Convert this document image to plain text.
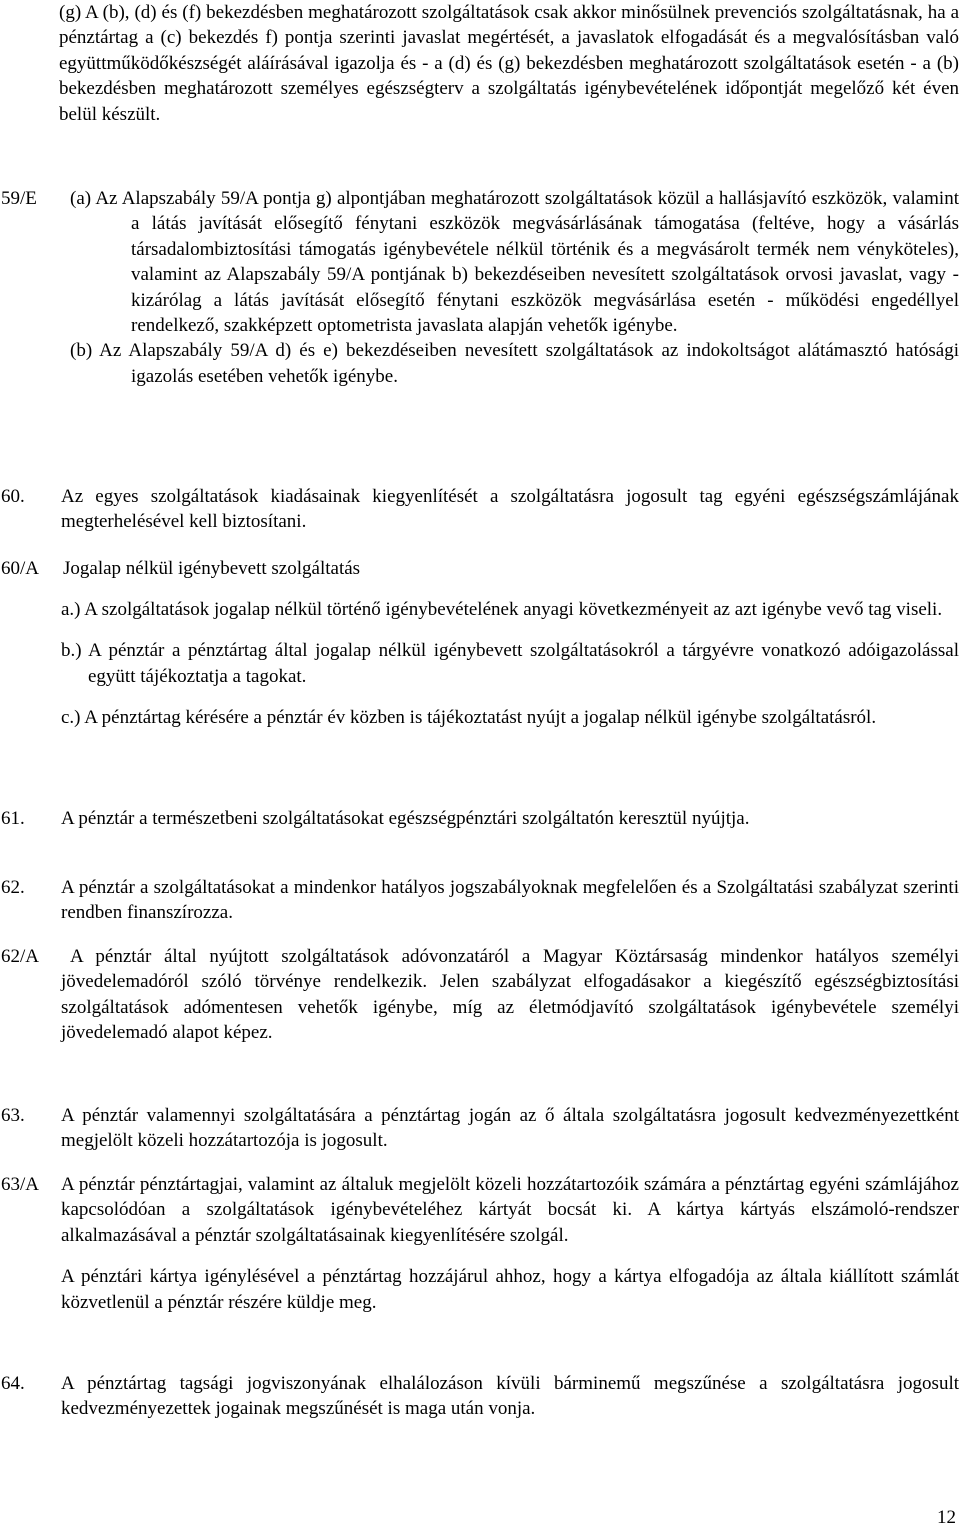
(g) A (b), (d) és (f) bekezdésben meghatározott szolgáltatások csak akkor minősülnek prevenciós szolgáltatásnak, ha a pénztártag a (c) bekezdés f) pontja szerinti javaslat megértését, a javaslatok elfogadását és a megvalósításban való együttműködőkészségét aláírásával igazolja és - a (d) és (g) bekezdésben meghatározott szolgáltatások esetén - a (b) bekezdésben meghatározott személyes egészségterv a szolgáltatás igénybevételének időpontját megelőző két éven belül készült.

59/E (a) Az Alapszabály 59/A pontja g) alpontjában meghatározott szolgáltatások közül a hallásjavító eszközök, valamint a látás javítását elősegítő fénytani eszközök megvásárlásának támogatása (feltéve, hogy a vásárlás társadalombiztosítási támogatás igénybevétele nélkül történik és a megvásárolt termék nem vényköteles), valamint az Alapszabály 59/A pontjának b) bekezdéseiben nevesített szolgáltatások orvosi javaslat, vagy - kizárólag a látás javítását elősegítő fénytani eszközök megvásárlása esetén - működési engedéllyel rendelkező, szakképzett optometrista javaslata alapján vehetők igénybe.

(b) Az Alapszabály 59/A d) és e) bekezdéseiben nevesített szolgáltatások az indokoltságot alátámasztó hatósági igazolás esetében vehetők igénybe.

60. Az egyes szolgáltatások kiadásainak kiegyenlítését a szolgáltatásra jogosult tag egyéni egészségszámlájának megterhelésével kell biztosítani.

60/A Jogalap nélkül igénybevett szolgáltatás

a.) A szolgáltatások jogalap nélkül történő igénybevételének anyagi következményeit az azt igénybe vevő tag viseli.

b.) A pénztár a pénztártag által jogalap nélkül igénybevett szolgáltatásokról a tárgyévre vonatkozó adóigazolással együtt tájékoztatja a tagokat.

c.) A pénztártag kérésére a pénztár év közben is tájékoztatást nyújt a jogalap nélkül igénybe szolgáltatásról.

61. A pénztár a természetbeni szolgáltatásokat egészségpénztári szolgáltatón keresztül nyújtja.

62. A pénztár a szolgáltatásokat a mindenkor hatályos jogszabályoknak megfelelően és a Szolgáltatási szabályzat szerinti rendben finanszírozza.

62/A	A pénztár által nyújtott szolgáltatások adóvonzatáról a Magyar Köztársaság mindenkor hatályos személyi jövedelemadóról szóló törvénye rendelkezik. Jelen szabályzat elfogadásakor a kiegészítő egészségbiztosítási szolgáltatások adómentesen vehetők igénybe, míg az életmódjavító szolgáltatások igénybevétele személyi jövedelemadó alapot képez.

63. A pénztár valamennyi szolgáltatására a pénztártag jogán az ő általa szolgáltatásra jogosult kedvezményezettként megjelölt közeli hozzátartozója is jogosult.

63/A A pénztár pénztártagjai, valamint az általuk megjelölt közeli hozzátartozóik számára a pénztártag egyéni számlájához kapcsolódóan a szolgáltatások igénybevételéhez kártyát bocsát ki. A kártya kártyás elszámoló-rendszer alkalmazásával a pénztár szolgáltatásainak kiegyenlítésére szolgál.

A pénztári kártya igénylésével a pénztártag hozzájárul ahhoz, hogy a kártya elfogadója az általa kiállított számlát közvetlenül a pénztár részére küldje meg.

64. A pénztártag tagsági jogviszonyának elhalálozáson kívüli bárminemű megszűnése a szolgáltatásra jogosult kedvezményezettek jogainak megszűnését is maga után vonja.

12
